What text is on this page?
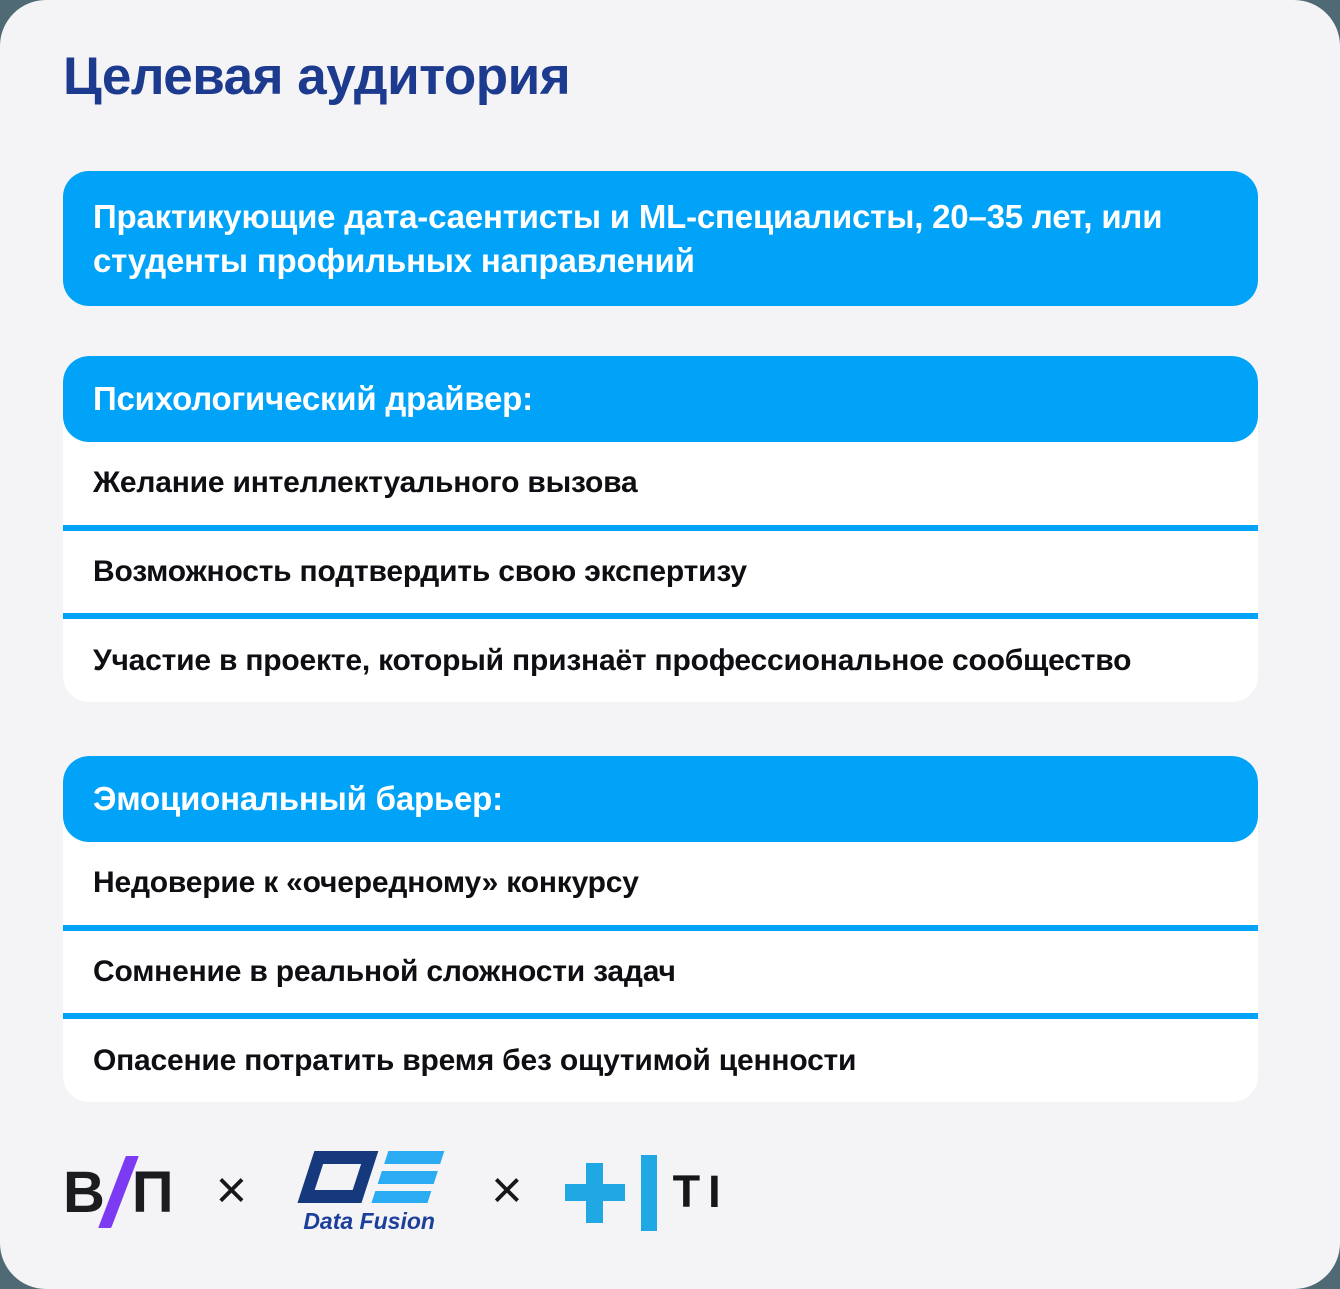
Целевая аудитория
Практикующие дата-саентисты и ML-специалисты, 20–35 лет, или студенты профильных направлений
Психологический драйвер:
Желание интеллектуального вызова
Возможность подтвердить свою экспертизу
Участие в проекте, который признаёт профессиональное сообщество
Эмоциональный барьер:
Недоверие к «очередному» конкурсу
Сомнение в реальной сложности задач
Опасение потратить время без ощутимой ценности
В П ×
Data Fusion
×	TI
